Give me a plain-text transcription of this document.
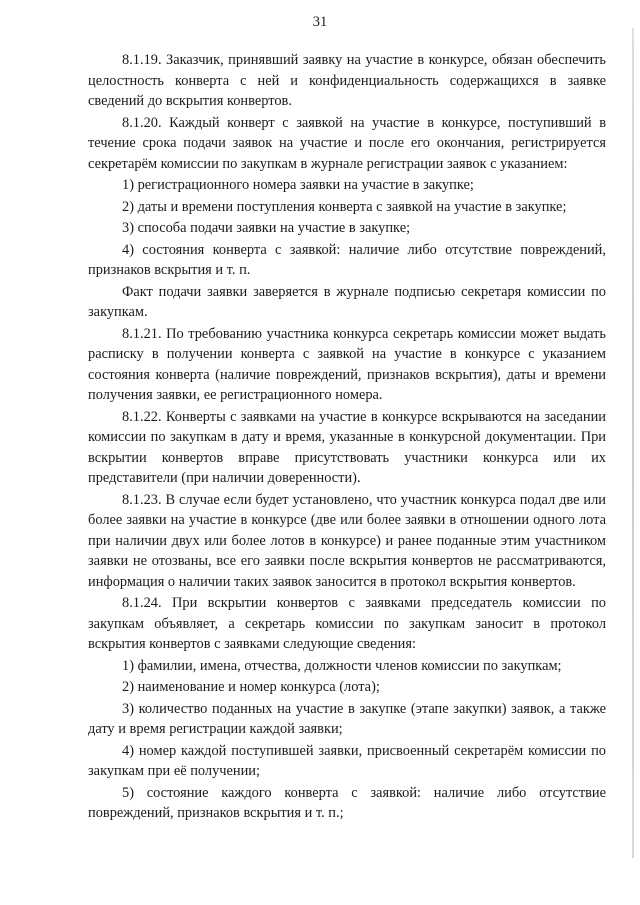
31

8.1.19. Заказчик, принявший заявку на участие в конкурсе, обязан обеспечить целостность конверта с ней и конфиденциальность содержащихся в заявке сведений до вскрытия конвертов.

8.1.20. Каждый конверт с заявкой на участие в конкурсе, поступивший в течение срока подачи заявок на участие и после его окончания, регистрируется секретарём комиссии по закупкам в журнале регистрации заявок с указанием:

1) регистрационного номера заявки на участие в закупке;

2) даты и времени поступления конверта с заявкой на участие в закупке;

3) способа подачи заявки на участие в закупке;

4) состояния конверта с заявкой: наличие либо отсутствие повреждений, признаков вскрытия и т. п.

Факт подачи заявки заверяется в журнале подписью секретаря комиссии по закупкам.

8.1.21. По требованию участника конкурса секретарь комиссии может выдать расписку в получении конверта с заявкой на участие в конкурсе с указанием состояния конверта (наличие повреждений, признаков вскрытия), даты и времени получения заявки, ее регистрационного номера.

8.1.22. Конверты с заявками на участие в конкурсе вскрываются на заседании комиссии по закупкам в дату и время, указанные в конкурсной документации. При вскрытии конвертов вправе присутствовать участники конкурса или их представители (при наличии доверенности).

8.1.23. В случае если будет установлено, что участник конкурса подал две или более заявки на участие в конкурсе (две или более заявки в отношении одного лота при наличии двух или более лотов в конкурсе) и ранее поданные этим участником заявки не отозваны, все его заявки после вскрытия конвертов не рассматриваются, информация о наличии таких заявок заносится в протокол вскрытия конвертов.

8.1.24. При вскрытии конвертов с заявками председатель комиссии по закупкам объявляет, а секретарь комиссии по закупкам заносит в протокол вскрытия конвертов с заявками следующие сведения:

1) фамилии, имена, отчества, должности членов комиссии по закупкам;

2) наименование и номер конкурса (лота);

3) количество поданных на участие в закупке (этапе закупки) заявок, а также дату и время регистрации каждой заявки;

4) номер каждой поступившей заявки, присвоенный секретарём комиссии по закупкам при её получении;

5) состояние каждого конверта с заявкой: наличие либо отсутствие повреждений, признаков вскрытия и т. п.;
